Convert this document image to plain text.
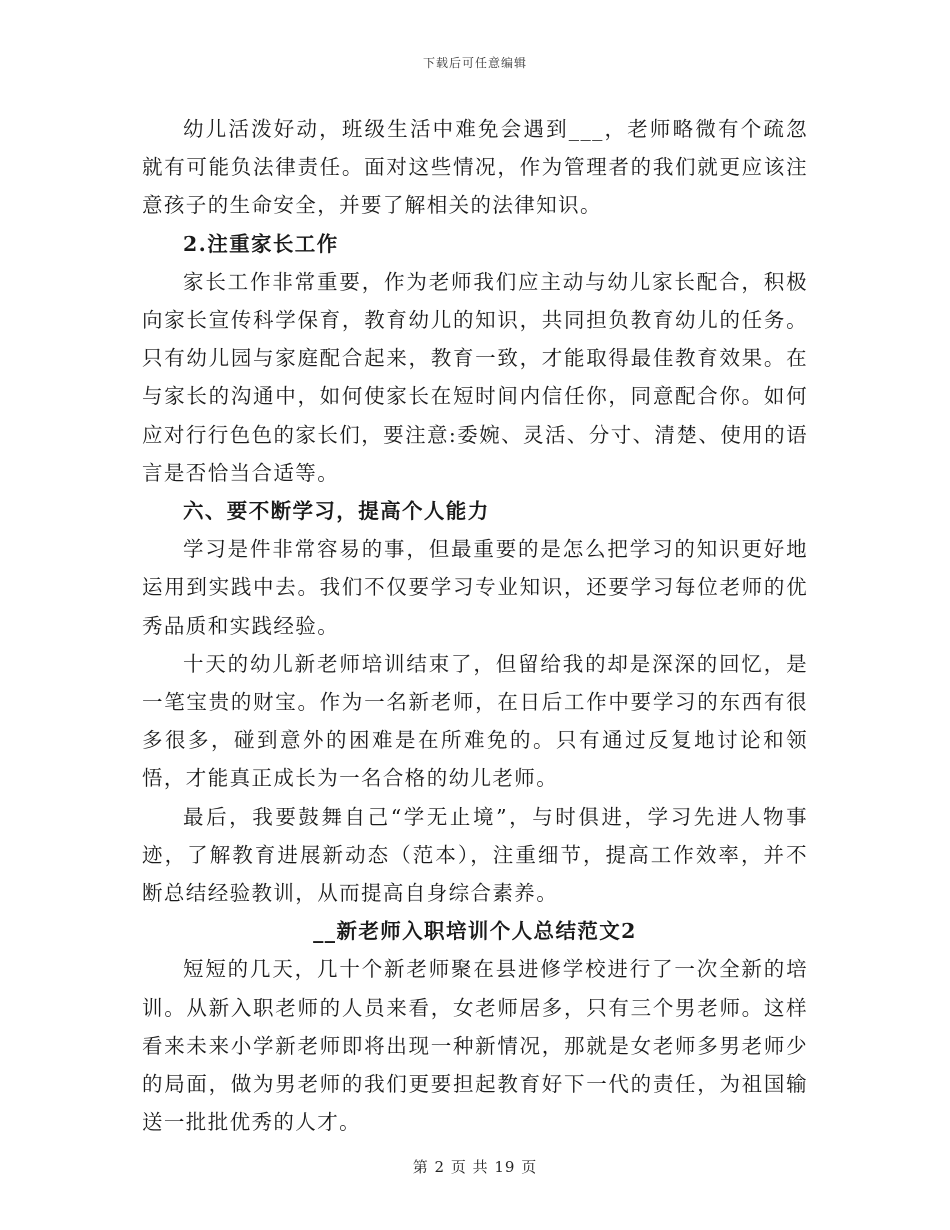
下载后可任意编辑

幼儿活泼好动，班级生活中难免会遇到___，老师略微有个疏忽就有可能负法律责任。面对这些情况，作为管理者的我们就更应该注意孩子的生命安全，并要了解相关的法律知识。

2.注重家长工作

家长工作非常重要，作为老师我们应主动与幼儿家长配合，积极向家长宣传科学保育，教育幼儿的知识，共同担负教育幼儿的任务。只有幼儿园与家庭配合起来，教育一致，才能取得最佳教育效果。在与家长的沟通中，如何使家长在短时间内信任你，同意配合你。如何应对行行色色的家长们，要注意:委婉、灵活、分寸、清楚、使用的语言是否恰当合适等。

六、要不断学习，提高个人能力

学习是件非常容易的事，但最重要的是怎么把学习的知识更好地运用到实践中去。我们不仅要学习专业知识，还要学习每位老师的优秀品质和实践经验。

十天的幼儿新老师培训结束了，但留给我的却是深深的回忆，是一笔宝贵的财宝。作为一名新老师，在日后工作中要学习的东西有很多很多，碰到意外的困难是在所难免的。只有通过反复地讨论和领悟，才能真正成长为一名合格的幼儿老师。

最后，我要鼓舞自己“学无止境”，与时俱进，学习先进人物事迹，了解教育进展新动态（范本），注重细节，提高工作效率，并不断总结经验教训，从而提高自身综合素养。

__新老师入职培训个人总结范文2

短短的几天，几十个新老师聚在县进修学校进行了一次全新的培训。从新入职老师的人员来看，女老师居多，只有三个男老师。这样看来未来小学新老师即将出现一种新情况，那就是女老师多男老师少的局面，做为男老师的我们更要担起教育好下一代的责任，为祖国输送一批批优秀的人才。

第 2 页 共 19 页
